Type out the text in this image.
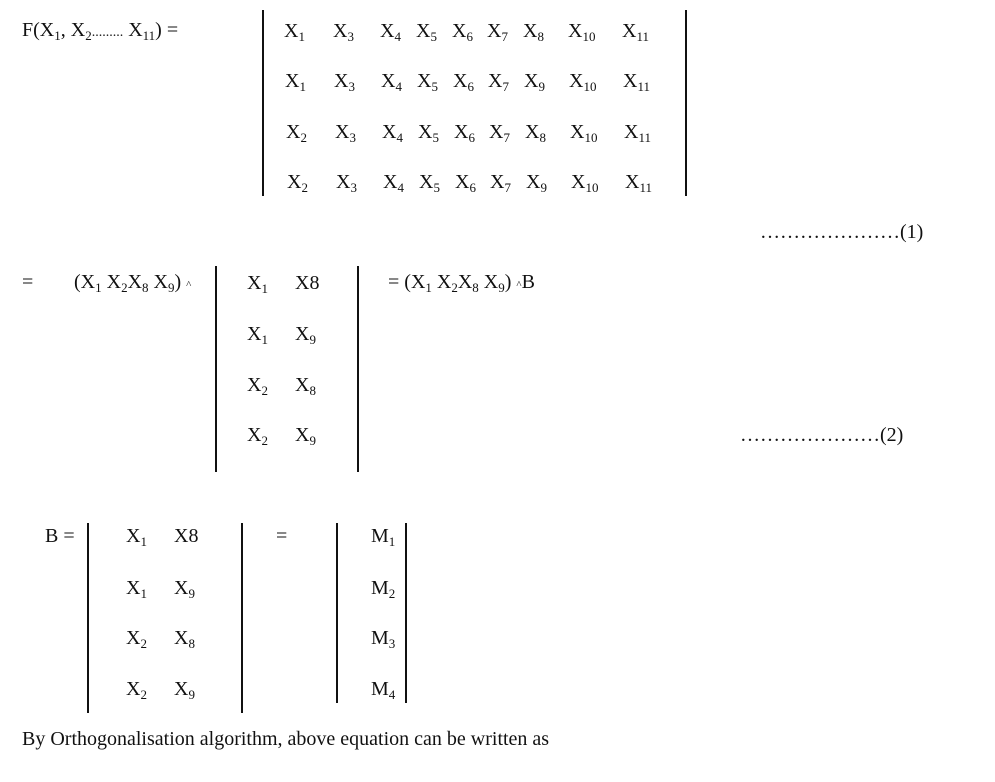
$F(X_1$, $X_2$......... $X_{11}$) =	$X_1$ $X_3$ $X_4$ $X_5$ $X_6$ $X_7$ $X_8$ $X_{10}$ $X_{11}$
$X_1$ $X_3$ $X_4$ $X_5$ $X_6$ $X_7$ $X_9$ $X_{10}$ $X_{11}$
$X_2$ $X_3$ $X_4$ $X_5$ $X_6$ $X_7$ $X_8$ $X_{10}$ $X_{11}$
$X_2$ $X_3$ $X_4$ $X_5$ $X_6$ $X_7$ $X_9$ $X_{10}$ $X_{11}$
…………………(1)
= ($X_1$ $X_2X_8$ $X_9$) ^	$X_1$ X8
$X_1$ $X_9$
$X_2$ $X_8$
$X_2$ $X_9$
= ($X_1$ $X_2X_8$ $X_9$) ^B
…………………(2)
B =	$X_1$ X8
$X_1$ $X_9$
$X_2$ $X_8$
$X_2$ $X_9$
=	$M_1$
$M_2$
$M_3$
$M_4$
By Orthogonalisation algorithm, above equation can be written as
